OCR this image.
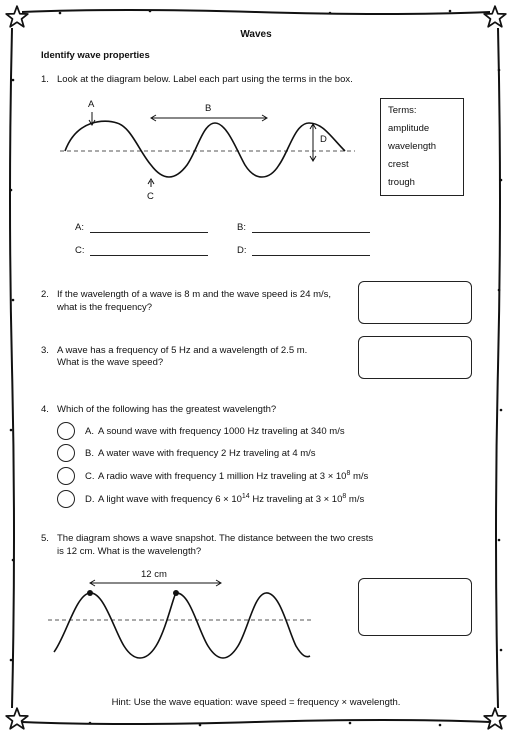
Waves
Identify wave properties
1. Look at the diagram below. Label each part using the terms in the box.
A	B
D
C
Terms:
amplitude
wavelength
crest
trough
A:	B:
C:	D:
2. If the wavelength of a wave is 8 m and the wave speed is 24 m/s,
what is the frequency?
3. A wave has a frequency of 5 Hz and a wavelength of 2.5 m.
What is the wave speed?
4. Which of the following has the greatest wavelength?
A. A sound wave with frequency 1000 Hz traveling at 340 m/s
B. A water wave with frequency 2 Hz traveling at 4 m/s
C. A radio wave with frequency 1 million Hz traveling at $3 \times 10^8$ m/s
D. A light wave with frequency $6 \times 10^{14}$ Hz traveling at $3 \times 10^8$ m/s
5. The diagram shows a wave snapshot. The distance between the two crests
is 12 cm. What is the wavelength?
12 cm
Hint: Use the wave equation: wave speed = frequency × wavelength.
